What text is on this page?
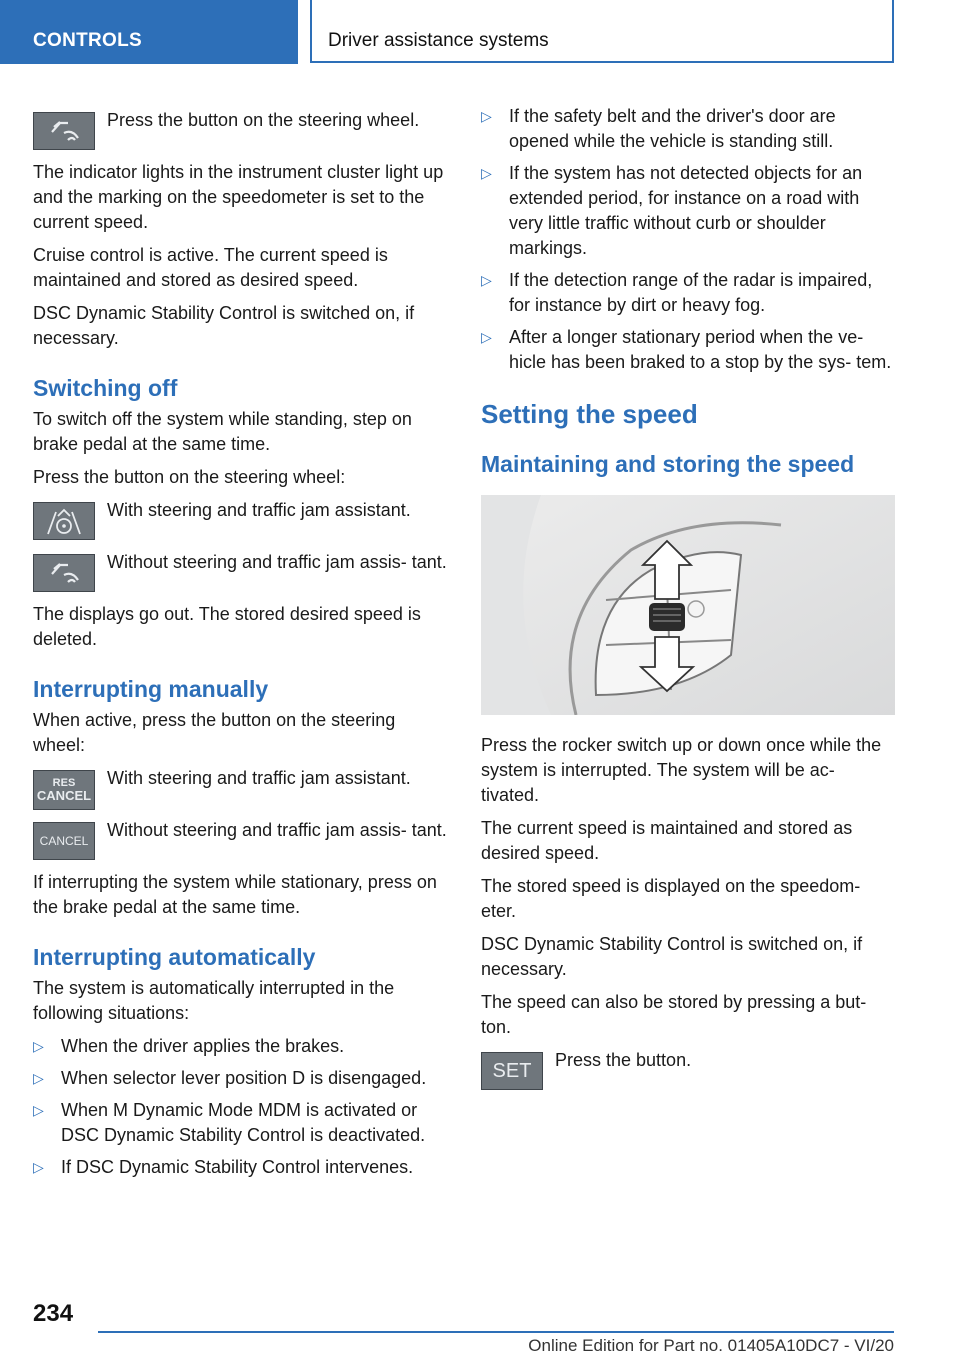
CONTROLS	Driver assistance systems
Press the button on the steering wheel.

The indicator lights in the instrument cluster light up and the marking on the speedometer is set to the current speed.

Cruise control is active. The current speed is maintained and stored as desired speed.

DSC Dynamic Stability Control is switched on, if necessary.

Switching off

To switch off the system while standing, step on brake pedal at the same time.

Press the button on the steering wheel:

With steering and traffic jam assistant.
Without steering and traffic jam assis‐ tant.

The displays go out. The stored desired speed is deleted.

Interrupting manually

When active, press the button on the steering wheel:

RES
CANCEL
With steering and traffic jam assistant.
CANCEL
Without steering and traffic jam assis‐ tant.

If interrupting the system while stationary, press on the brake pedal at the same time.

Interrupting automatically

The system is automatically interrupted in the following situations:

▷ When the driver applies the brakes.
▷ When selector lever position D is disengaged.
▷ When M Dynamic Mode MDM is activated or DSC Dynamic Stability Control is deactivated.
▷ If DSC Dynamic Stability Control intervenes.
▷ If the safety belt and the driver's door are opened while the vehicle is standing still.
▷ If the system has not detected objects for an extended period, for instance on a road with very little traffic without curb or shoulder markings.
▷ If the detection range of the radar is impaired, for instance by dirt or heavy fog.
▷ After a longer stationary period when the ve‐ hicle has been braked to a stop by the sys‐ tem.
Setting the speed
Maintaining and storing the speed

Press the rocker switch up or down once while the system is interrupted. The system will be ac‐ tivated.

The current speed is maintained and stored as desired speed.

The stored speed is displayed on the speedom‐ eter.

DSC Dynamic Stability Control is switched on, if necessary.

The speed can also be stored by pressing a but‐ ton.

SET Press the button.
234
Online Edition for Part no. 01405A10DC7 - VI/20
